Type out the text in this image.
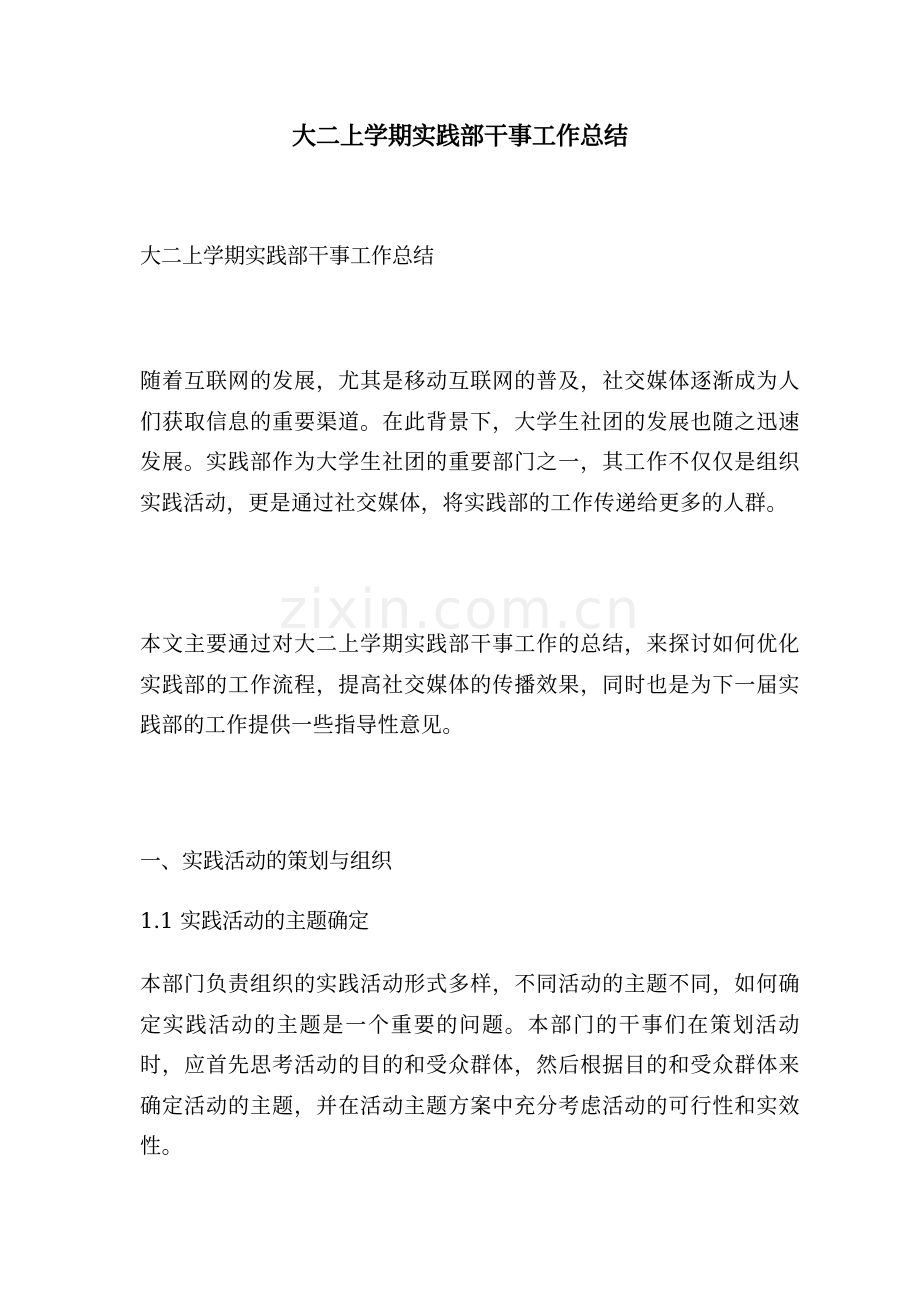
zixin.com.cn
大二上学期实践部干事工作总结

大二上学期实践部干事工作总结

随着互联网的发展，尤其是移动互联网的普及，社交媒体逐渐成为人们获取信息的重要渠道。在此背景下，大学生社团的发展也随之迅速发展。实践部作为大学生社团的重要部门之一，其工作不仅仅是组织实践活动，更是通过社交媒体，将实践部的工作传递给更多的人群。

本文主要通过对大二上学期实践部干事工作的总结，来探讨如何优化实践部的工作流程，提高社交媒体的传播效果，同时也是为下一届实践部的工作提供一些指导性意见。

一、实践活动的策划与组织

1.1 实践活动的主题确定

本部门负责组织的实践活动形式多样，不同活动的主题不同，如何确定实践活动的主题是一个重要的问题。本部门的干事们在策划活动时，应首先思考活动的目的和受众群体，然后根据目的和受众群体来确定活动的主题，并在活动主题方案中充分考虑活动的可行性和实效性。
